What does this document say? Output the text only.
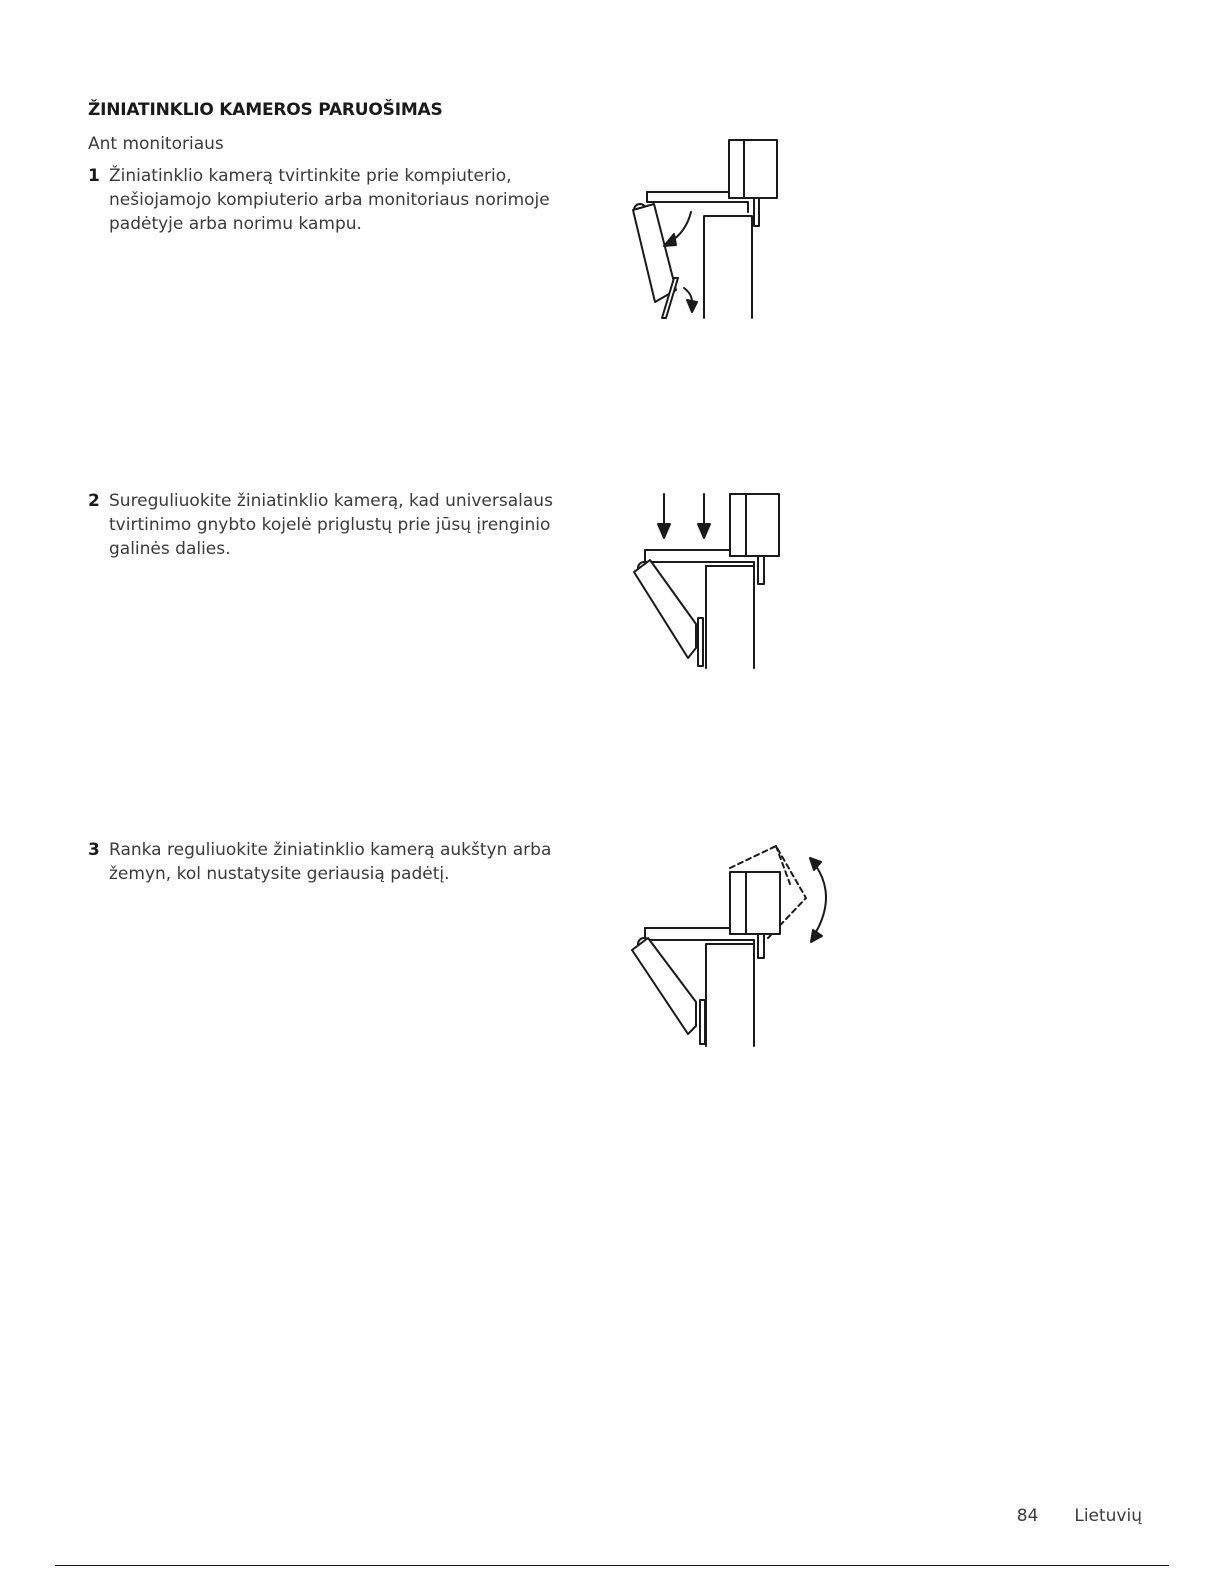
ŽINIATINKLIO KAMEROS PARUOŠIMAS
Ant monitoriaus
1 Žiniatinklio kamerą tvirtinkite prie kompiuterio, nešiojamojo kompiuterio arba monitoriaus norimoje padėtyje arba norimu kampu.
2 Sureguliuokite žiniatinklio kamerą, kad universalaus tvirtinimo gnybto kojelė priglustų prie jūsų įrenginio galinės dalies.
3 Ranka reguliuokite žiniatinklio kamerą aukštyn arba žemyn, kol nustatysite geriausią padėtį.
84 Lietuvių
